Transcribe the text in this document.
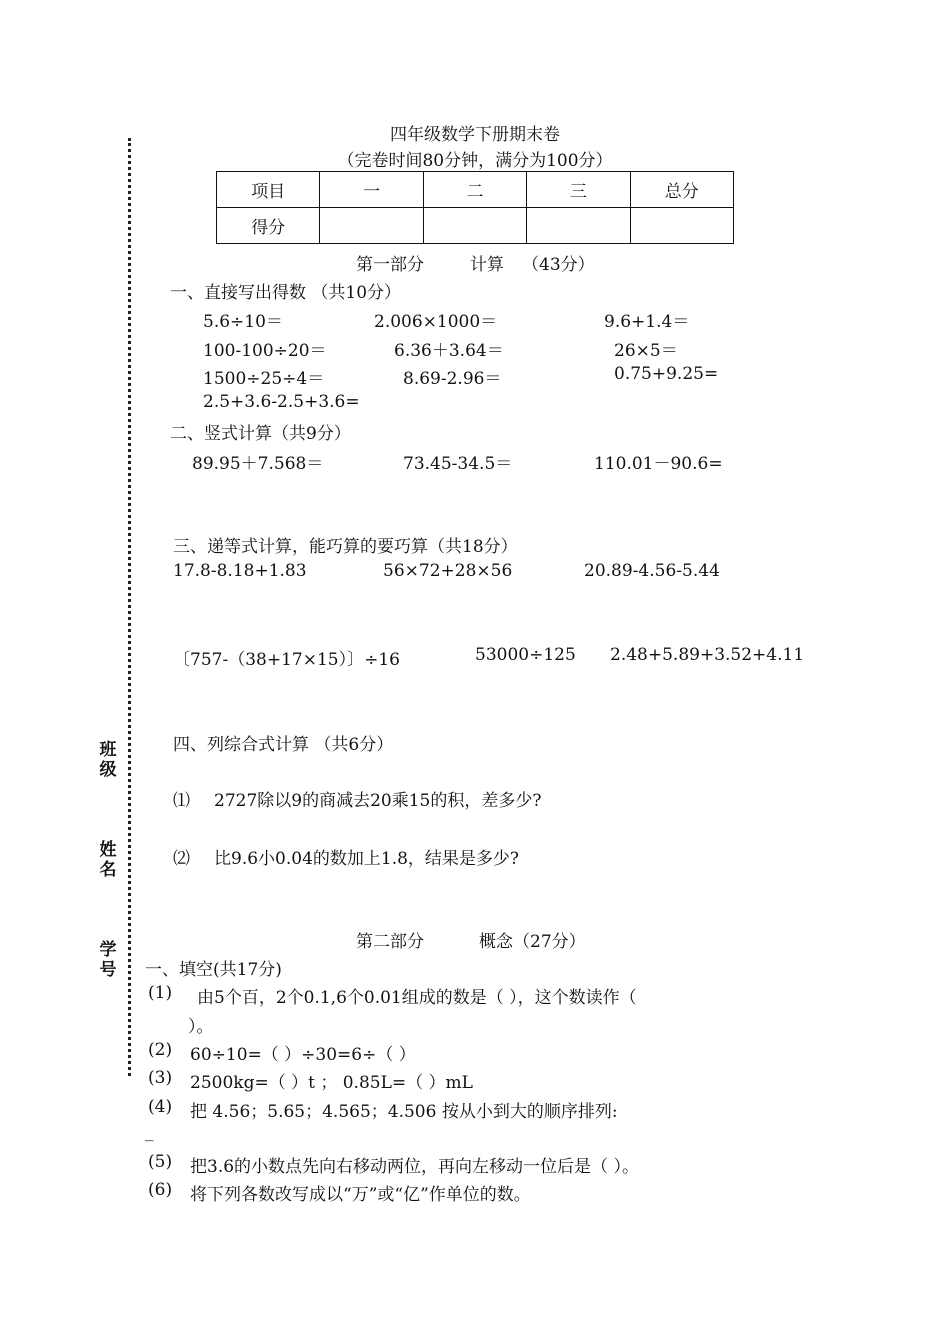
班
级
姓
名
学
号
四年级数学下册期末卷
（完卷时间80分钟，满分为100分）
项目	一	二	三	总分
得分				
第一部分	计算 （43分）
一、直接写出得数 （共10分）
5.6÷10＝	2.006×1000＝	9.6+1.4＝
100-100÷20＝	6.36＋3.64＝	26×5＝
1500÷25÷4＝	8.69-2.96＝	0.75+9.25=
2.5+3.6-2.5+3.6=
二、竖式计算（共9分）
89.95＋7.568＝	73.45-34.5＝	110.01－90.6=
三、递等式计算，能巧算的要巧算（共18分）
17.8-8.18+1.83	56×72+28×56	20.89-4.56-5.44
〔757-（38+17×15）〕÷16	53000÷125 2.48+5.89+3.52+4.11
四、列综合式计算 （共6分）
⑴ 2727除以9的商减去20乘15的积，差多少?
⑵ 比9.6小0.04的数加上1.8，结果是多少?
第二部分	概念（27分）
一、填空(共17分)
(1) 由5个百，2个0.1,6个0.01组成的数是（ ），这个数读作（
）。
(2) 60÷10=（ ）÷30=6÷（ ）
(3) 2500kg=（ ）t ； 0.85L=（ ）mL
(4) 把 4.56；5.65；4.565；4.506 按从小到大的顺序排列:
_
(5) 把3.6的小数点先向右移动两位，再向左移动一位后是（ ）。
(6) 将下列各数改写成以“万”或“亿”作单位的数。
